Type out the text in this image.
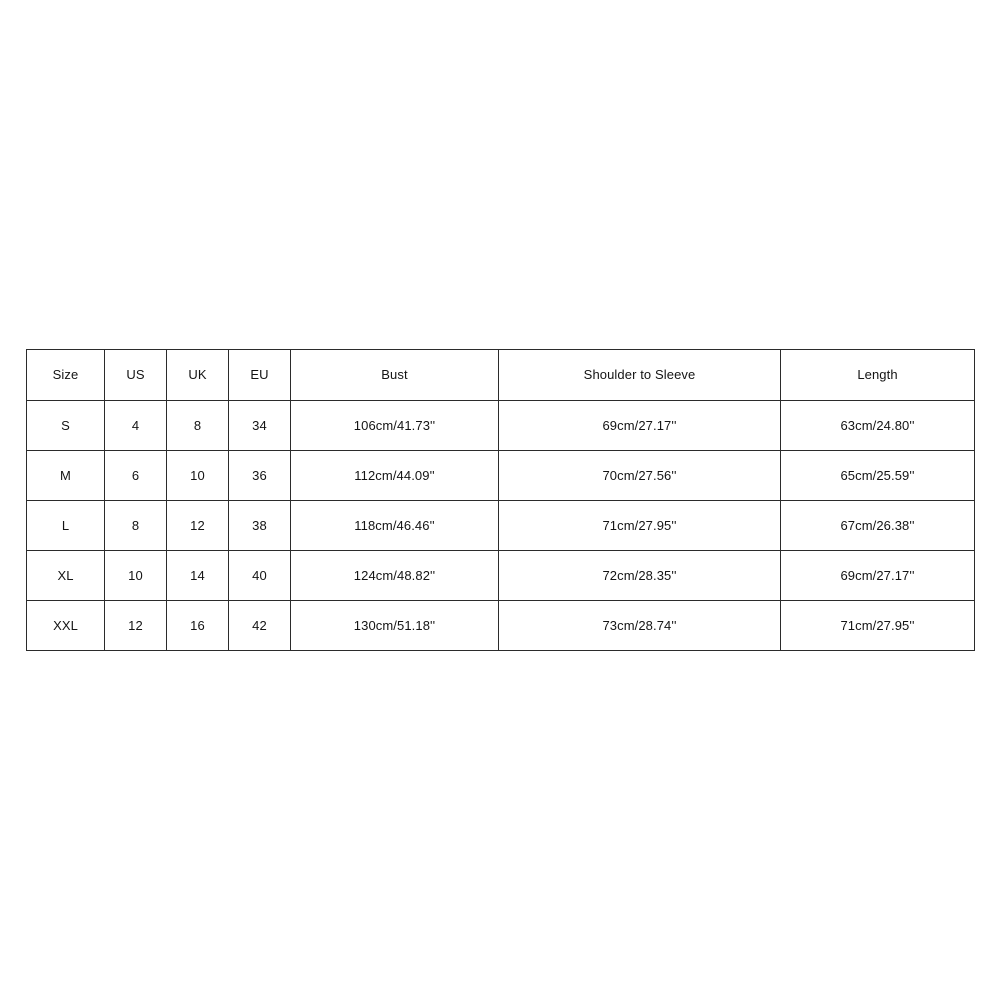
Size	US	UK	EU	Bust	Shoulder to Sleeve	Length
S	4	8	34	106cm/41.73''	69cm/27.17''	63cm/24.80''
M	6	10	36	112cm/44.09''	70cm/27.56''	65cm/25.59''
L	8	12	38	118cm/46.46''	71cm/27.95''	67cm/26.38''
XL	10	14	40	124cm/48.82''	72cm/28.35''	69cm/27.17''
XXL	12	16	42	130cm/51.18''	73cm/28.74''	71cm/27.95''
